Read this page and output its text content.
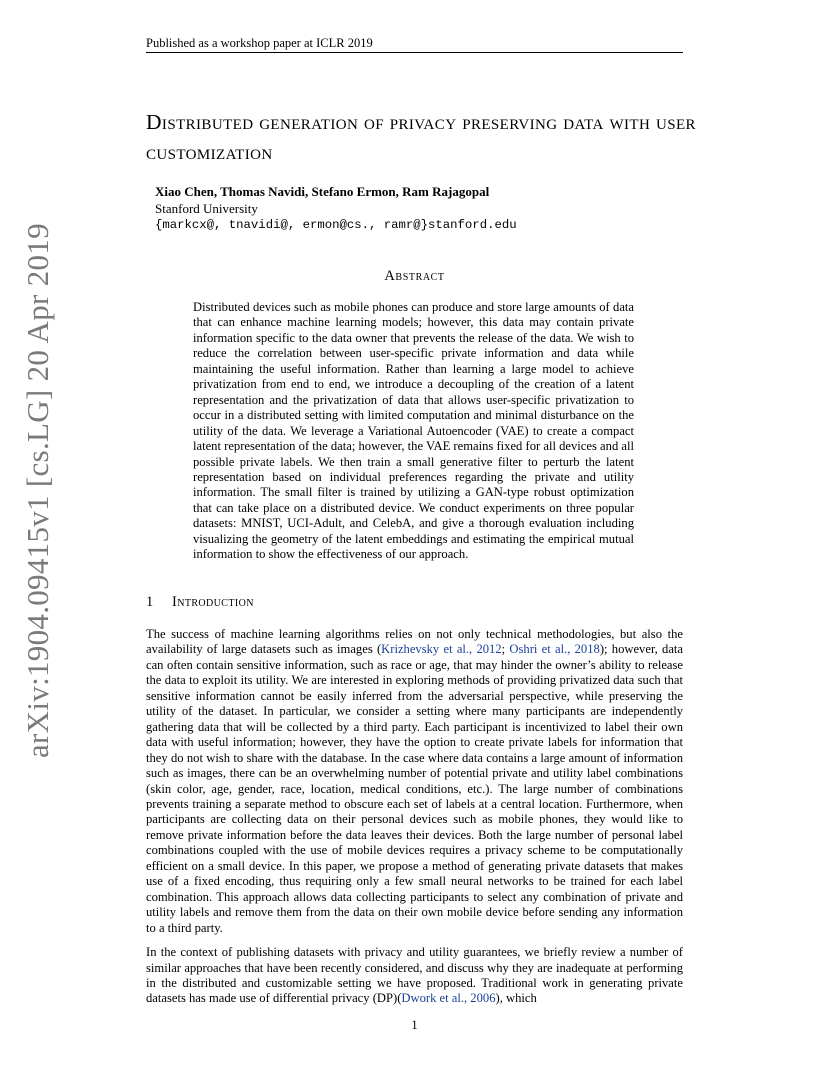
Published as a workshop paper at ICLR 2019
arXiv:1904.09415v1 [cs.LG] 20 Apr 2019
Distributed generation of privacy preserving data with user customization
Xiao Chen, Thomas Navidi, Stefano Ermon, Ram Rajagopal
Stanford University
{markcx@, tnavidi@, ermon@cs., ramr@}stanford.edu
Abstract
Distributed devices such as mobile phones can produce and store large amounts of data that can enhance machine learning models; however, this data may contain private information specific to the data owner that prevents the release of the data. We wish to reduce the correlation between user-specific private information and data while maintaining the useful information. Rather than learning a large model to achieve privatization from end to end, we introduce a decoupling of the creation of a latent representation and the privatization of data that allows user-specific privatization to occur in a distributed setting with limited computation and minimal disturbance on the utility of the data. We leverage a Variational Autoencoder (VAE) to create a compact latent representation of the data; however, the VAE remains fixed for all devices and all possible private labels. We then train a small generative filter to perturb the latent representation based on individual preferences regarding the private and utility information. The small filter is trained by utilizing a GAN-type robust optimization that can take place on a distributed device. We conduct experiments on three popular datasets: MNIST, UCI-Adult, and CelebA, and give a thorough evaluation including visualizing the geometry of the latent embeddings and estimating the empirical mutual information to show the effectiveness of our approach.
1 Introduction

The success of machine learning algorithms relies on not only technical methodologies, but also the availability of large datasets such as images (Krizhevsky et al., 2012; Oshri et al., 2018); however, data can often contain sensitive information, such as race or age, that may hinder the owner’s ability to release the data to exploit its utility. We are interested in exploring methods of providing privatized data such that sensitive information cannot be easily inferred from the adversarial perspective, while preserving the utility of the dataset. In particular, we consider a setting where many participants are independently gathering data that will be collected by a third party. Each participant is incentivized to label their own data with useful information; however, they have the option to create private labels for information that they do not wish to share with the database. In the case where data contains a large amount of information such as images, there can be an overwhelming number of potential private and utility label combinations (skin color, age, gender, race, location, medical conditions, etc.). The large number of combinations prevents training a separate method to obscure each set of labels at a central location. Furthermore, when participants are collecting data on their personal devices such as mobile phones, they would like to remove private information before the data leaves their devices. Both the large number of personal label combinations coupled with the use of mobile devices requires a privacy scheme to be computationally efficient on a small device. In this paper, we propose a method of generating private datasets that makes use of a fixed encoding, thus requiring only a few small neural networks to be trained for each label combination. This approach allows data collecting participants to select any combination of private and utility labels and remove them from the data on their own mobile device before sending any information to a third party.

In the context of publishing datasets with privacy and utility guarantees, we briefly review a number of similar approaches that have been recently considered, and discuss why they are inadequate at performing in the distributed and customizable setting we have proposed. Traditional work in generating private datasets has made use of differential privacy (DP)(Dwork et al., 2006), which

1
